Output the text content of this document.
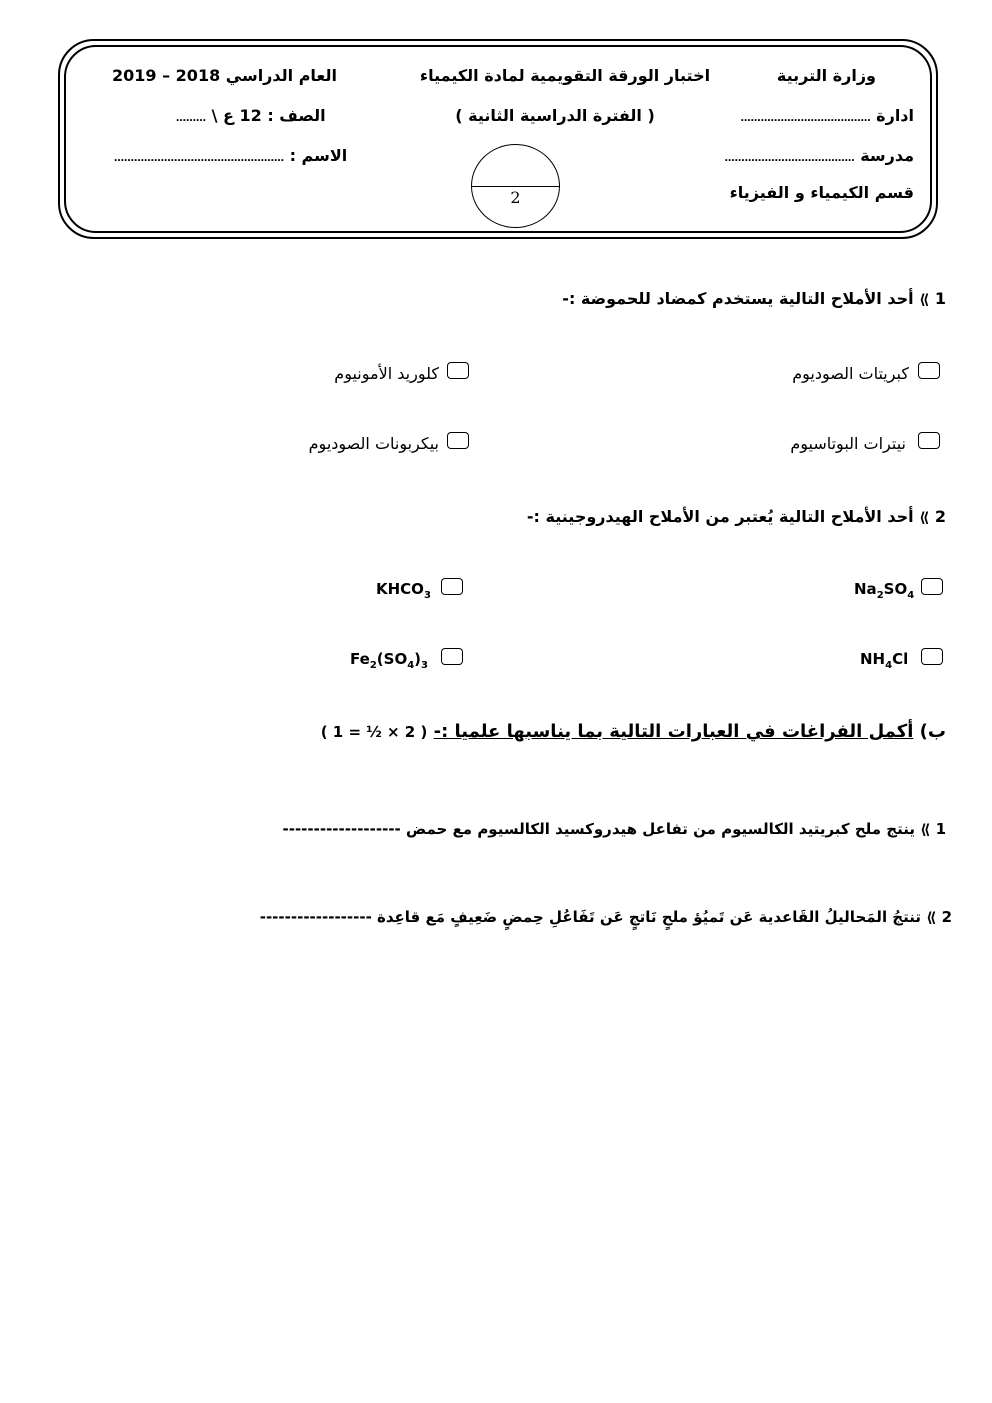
وزارة التربية
ادارة …………………………………
مدرسة …………………………………
قسم الكيمياء و الفيزياء
اختبار الورقة التقويمية لمادة الكيمياء
( الفترة الدراسية الثانية )
2
العام الدراسي 2018 – 2019
الصف : 12 ع \ ………
الاسم : ……………………………………………
1 ⟫ أحد الأملاح التالية يستخدم كمضاد للحموضة :-
كبريتات الصوديوم
كلوريد الأمونيوم
نيترات البوتاسيوم
بيكربونات الصوديوم
2 ⟫ أحد الأملاح التالية يُعتبر من الأملاح الهيدروجينية :-
$Na_2SO_4$
$KHCO_3$
$NH_4Cl$
$Fe_2(SO_4)_3$
ب) أكمل الفراغات في العبارات التالية بما يناسبها علميا :- ( 2 × ½ = 1 )
1 ⟫ ينتج ملح كبريتيد الكالسيوم من تفاعل هيدروكسيد الكالسيوم مع حمض -------------------
2 ⟫ تنتجُ المَحاليلُ القَاعدية عَن تَميُؤ ملحٍ نَاتجٍ عَن تَفَاعُلِ حِمضٍ ضَعِيفٍ مَع قاعِدة ------------------
